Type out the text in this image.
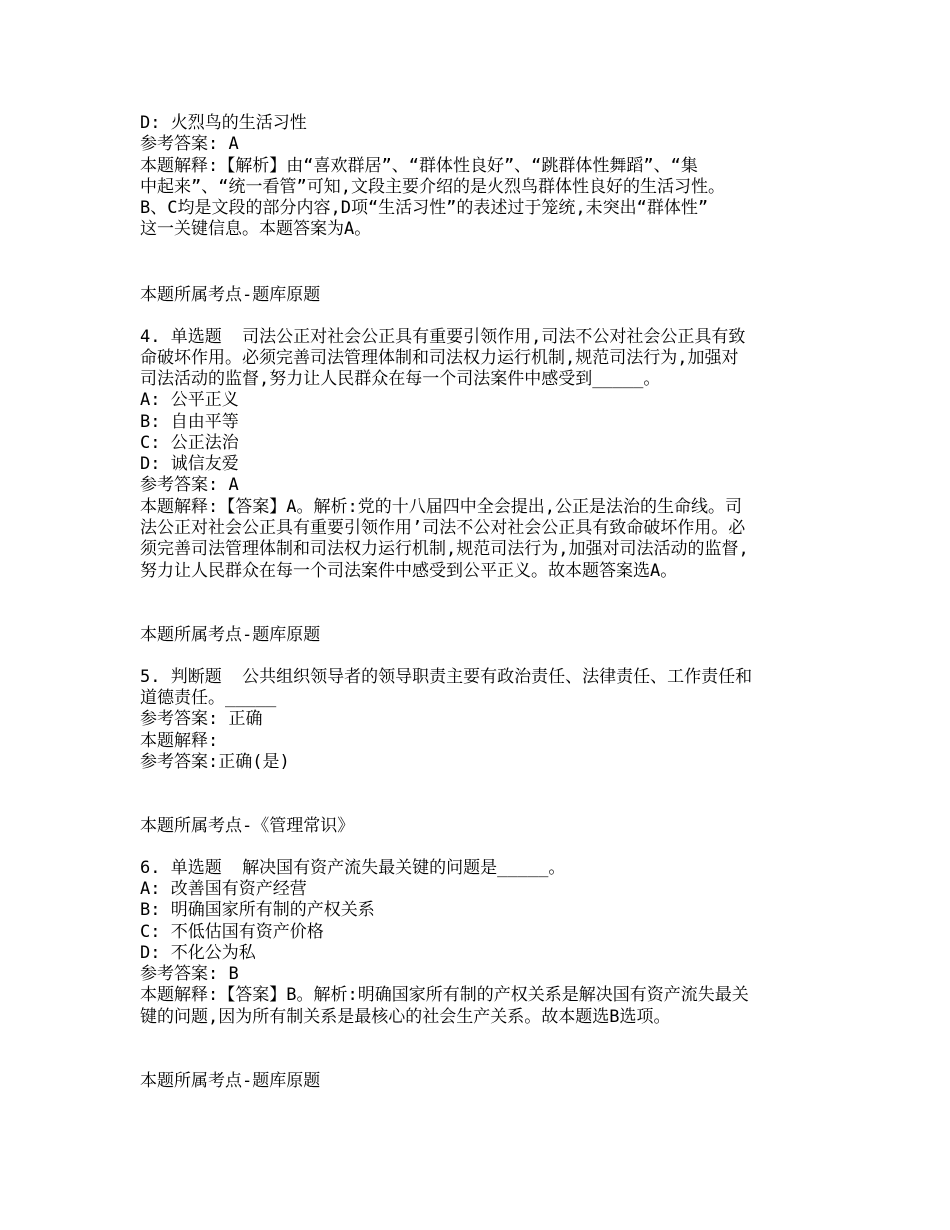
D: 火烈鸟的生活习性
参考答案: A
本题解释:【解析】由“喜欢群居”、“群体性良好”、“跳群体性舞蹈”、“集
中起来”、“统一看管”可知,文段主要介绍的是火烈鸟群体性良好的生活习性。
B、C均是文段的部分内容,D项“生活习性”的表述过于笼统,未突出“群体性”
这一关键信息。本题答案为A。
本题所属考点-题库原题
4. 单选题  司法公正对社会公正具有重要引领作用,司法不公对社会公正具有致
命破坏作用。必须完善司法管理体制和司法权力运行机制,规范司法行为,加强对
司法活动的监督,努力让人民群众在每一个司法案件中感受到_____。
A: 公平正义
B: 自由平等
C: 公正法治
D: 诚信友爱
参考答案: A
本题解释:【答案】A。解析:党的十八届四中全会提出,公正是法治的生命线。司
法公正对社会公正具有重要引领作用’司法不公对社会公正具有致命破坏作用。必
须完善司法管理体制和司法权力运行机制,规范司法行为,加强对司法活动的监督,
努力让人民群众在每一个司法案件中感受到公平正义。故本题答案选A。
本题所属考点-题库原题
5. 判断题  公共组织领导者的领导职责主要有政治责任、法律责任、工作责任和
道德责任。_____
参考答案: 正确
本题解释:
参考答案:正确(是)
本题所属考点-《管理常识》
6. 单选题  解决国有资产流失最关键的问题是_____。
A: 改善国有资产经营
B: 明确国家所有制的产权关系
C: 不低估国有资产价格
D: 不化公为私
参考答案: B
本题解释:【答案】B。解析:明确国家所有制的产权关系是解决国有资产流失最关
键的问题,因为所有制关系是最核心的社会生产关系。故本题选B选项。
本题所属考点-题库原题
